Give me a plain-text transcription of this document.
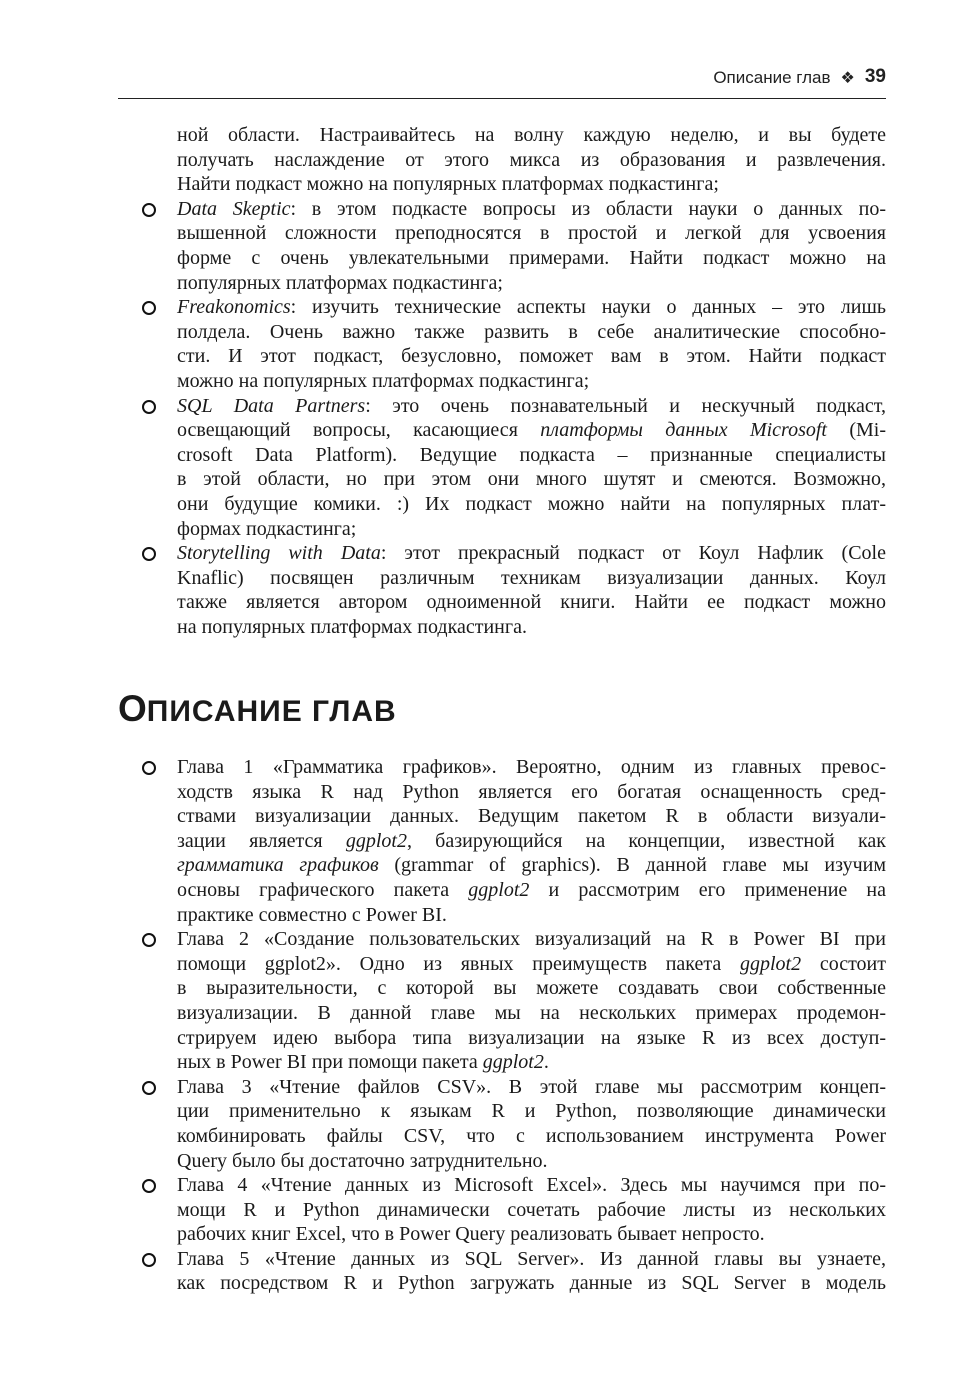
Описание глав ❖ 39
ной области. Настраивайтесь на волну каждую неделю, и вы будете
получать наслаждение от этого микса из образования и развлечения.
Найти подкаст можно на популярных платформах подкастинга;
Data Skeptic: в этом подкасте вопросы из области науки о данных по-
вышенной сложности преподносятся в простой и легкой для усвоения
форме с очень увлекательными примерами. Найти подкаст можно на
популярных платформах подкастинга;
Freakonomics: изучить технические аспекты науки о данных – это лишь
полдела. Очень важно также развить в себе аналитические способно-
сти. И этот подкаст, безусловно, поможет вам в этом. Найти подкаст
можно на популярных платформах подкастинга;
SQL Data Partners: это очень познавательный и нескучный подкаст,
освещающий вопросы, касающиеся платформы данных Microsoft (Mi-
crosoft Data Platform). Ведущие подкаста – признанные специалисты
в этой области, но при этом они много шутят и смеются. Возможно,
они будущие комики. :) Их подкаст можно найти на популярных плат-
формах подкастинга;
Storytelling with Data: этот прекрасный подкаст от Коул Нафлик (Cole
Knaflic) посвящен различным техникам визуализации данных. Коул
также является автором одноименной книги. Найти ее подкаст можно
на популярных платформах подкастинга.
ОПИСАНИЕ ГЛАВ
Глава 1 «Грамматика графиков». Вероятно, одним из главных превос-
ходств языка R над Python является его богатая оснащенность сред-
ствами визуализации данных. Ведущим пакетом R в области визуали-
зации является ggplot2, базирующийся на концепции, известной как
грамматика графиков (grammar of graphics). В данной главе мы изучим
основы графического пакета ggplot2 и рассмотрим его применение на
практике совместно с Power BI.
Глава 2 «Создание пользовательских визуализаций на R в Power BI при
помощи ggplot2». Одно из явных преимуществ пакета ggplot2 состоит
в выразительности, с которой вы можете создавать свои собственные
визуализации. В данной главе мы на нескольких примерах продемон-
стрируем идею выбора типа визуализации на языке R из всех доступ-
ных в Power BI при помощи пакета ggplot2.
Глава 3 «Чтение файлов CSV». В этой главе мы рассмотрим концеп-
ции применительно к языкам R и Python, позволяющие динамически
комбинировать файлы CSV, что с использованием инструмента Power
Query было бы достаточно затруднительно.
Глава 4 «Чтение данных из Microsoft Excel». Здесь мы научимся при по-
мощи R и Python динамически сочетать рабочие листы из нескольких
рабочих книг Excel, что в Power Query реализовать бывает непросто.
Глава 5 «Чтение данных из SQL Server». Из данной главы вы узнаете,
как посредством R и Python загружать данные из SQL Server в модель
